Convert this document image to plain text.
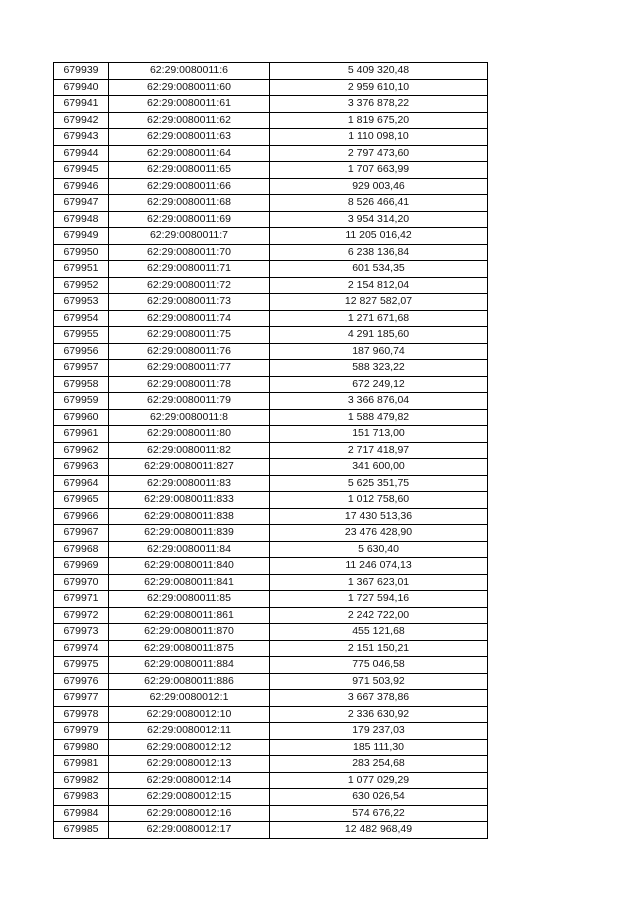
679939	62:29:0080011:6	5 409 320,48
679940	62:29:0080011:60	2 959 610,10
679941	62:29:0080011:61	3 376 878,22
679942	62:29:0080011:62	1 819 675,20
679943	62:29:0080011:63	1 110 098,10
679944	62:29:0080011:64	2 797 473,60
679945	62:29:0080011:65	1 707 663,99
679946	62:29:0080011:66	929 003,46
679947	62:29:0080011:68	8 526 466,41
679948	62:29:0080011:69	3 954 314,20
679949	62:29:0080011:7	11 205 016,42
679950	62:29:0080011:70	6 238 136,84
679951	62:29:0080011:71	601 534,35
679952	62:29:0080011:72	2 154 812,04
679953	62:29:0080011:73	12 827 582,07
679954	62:29:0080011:74	1 271 671,68
679955	62:29:0080011:75	4 291 185,60
679956	62:29:0080011:76	187 960,74
679957	62:29:0080011:77	588 323,22
679958	62:29:0080011:78	672 249,12
679959	62:29:0080011:79	3 366 876,04
679960	62:29:0080011:8	1 588 479,82
679961	62:29:0080011:80	151 713,00
679962	62:29:0080011:82	2 717 418,97
679963	62:29:0080011:827	341 600,00
679964	62:29:0080011:83	5 625 351,75
679965	62:29:0080011:833	1 012 758,60
679966	62:29:0080011:838	17 430 513,36
679967	62:29:0080011:839	23 476 428,90
679968	62:29:0080011:84	5 630,40
679969	62:29:0080011:840	11 246 074,13
679970	62:29:0080011:841	1 367 623,01
679971	62:29:0080011:85	1 727 594,16
679972	62:29:0080011:861	2 242 722,00
679973	62:29:0080011:870	455 121,68
679974	62:29:0080011:875	2 151 150,21
679975	62:29:0080011:884	775 046,58
679976	62:29:0080011:886	971 503,92
679977	62:29:0080012:1	3 667 378,86
679978	62:29:0080012:10	2 336 630,92
679979	62:29:0080012:11	179 237,03
679980	62:29:0080012:12	185 111,30
679981	62:29:0080012:13	283 254,68
679982	62:29:0080012:14	1 077 029,29
679983	62:29:0080012:15	630 026,54
679984	62:29:0080012:16	574 676,22
679985	62:29:0080012:17	12 482 968,49
